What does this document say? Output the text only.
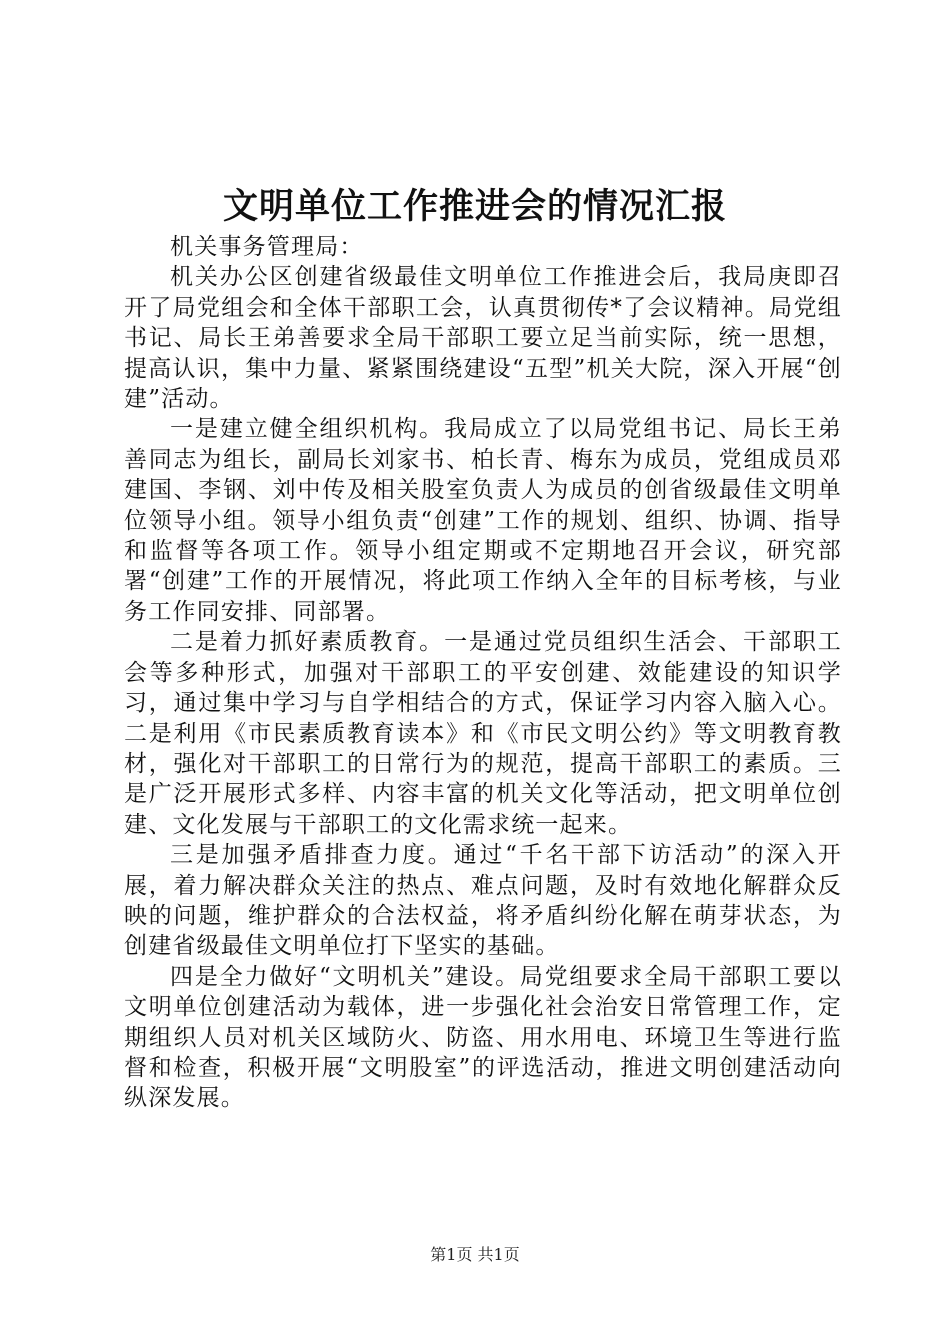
文明单位工作推进会的情况汇报

机关事务管理局：

机关办公区创建省级最佳文明单位工作推进会后，我局庚即召开了局党组会和全体干部职工会，认真贯彻传*了会议精神。局党组书记、局长王弟善要求全局干部职工要立足当前实际，统一思想，提高认识，集中力量、紧紧围绕建设“五型”机关大院，深入开展“创建”活动。

一是建立健全组织机构。我局成立了以局党组书记、局长王弟善同志为组长，副局长刘家书、柏长青、梅东为成员，党组成员邓建国、李钢、刘中传及相关股室负责人为成员的创省级最佳文明单位领导小组。领导小组负责“创建”工作的规划、组织、协调、指导和监督等各项工作。领导小组定期或不定期地召开会议，研究部署“创建”工作的开展情况，将此项工作纳入全年的目标考核，与业务工作同安排、同部署。

二是着力抓好素质教育。一是通过党员组织生活会、干部职工会等多种形式，加强对干部职工的平安创建、效能建设的知识学习，通过集中学习与自学相结合的方式，保证学习内容入脑入心。二是利用《市民素质教育读本》和《市民文明公约》等文明教育教材，强化对干部职工的日常行为的规范，提高干部职工的素质。三是广泛开展形式多样、内容丰富的机关文化等活动，把文明单位创建、文化发展与干部职工的文化需求统一起来。

三是加强矛盾排查力度。通过“千名干部下访活动”的深入开展，着力解决群众关注的热点、难点问题，及时有效地化解群众反映的问题，维护群众的合法权益，将矛盾纠纷化解在萌芽状态，为创建省级最佳文明单位打下坚实的基础。

四是全力做好“文明机关”建设。局党组要求全局干部职工要以文明单位创建活动为载体，进一步强化社会治安日常管理工作，定期组织人员对机关区域防火、防盗、用水用电、环境卫生等进行监督和检查，积极开展“文明股室”的评选活动，推进文明创建活动向纵深发展。

第1页 共1页
